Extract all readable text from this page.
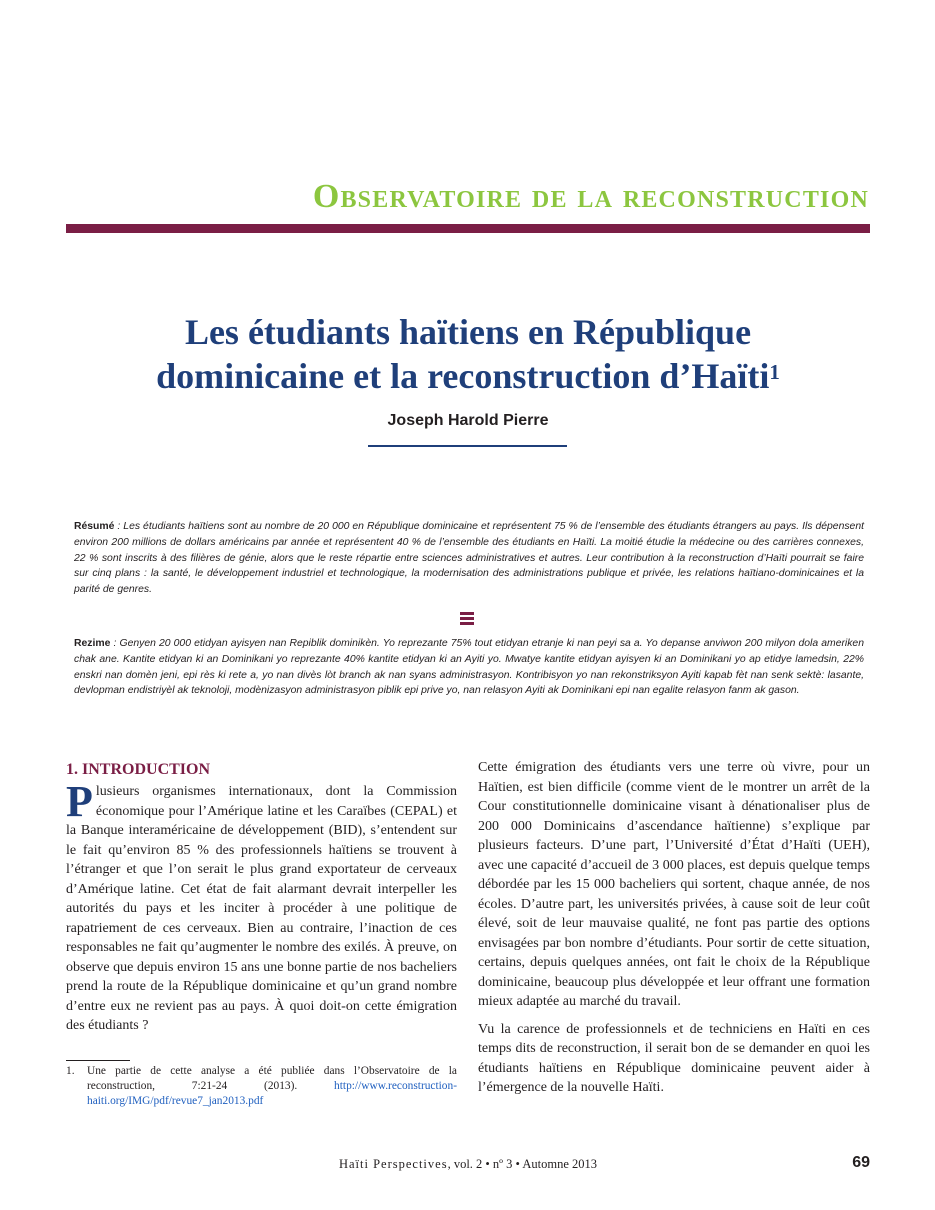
Observatoire de la reconstruction
Les étudiants haïtiens en République
dominicaine et la reconstruction d’Haïti$^1$
Joseph Harold Pierre

Résumé : Les étudiants haïtiens sont au nombre de 20 000 en République dominicaine et représentent 75 % de l’ensemble des étudiants étrangers au pays. Ils dépensent environ 200 millions de dollars américains par année et représentent 40 % de l’ensemble des étudiants en Haïti. La moitié étudie la médecine ou des carrières connexes, 22 % sont inscrits à des filières de génie, alors que le reste répartie entre sciences administratives et autres. Leur contribution à la reconstruction d’Haïti pourrait se faire sur cinq plans : la santé, le développement industriel et technologique, la modernisation des administrations publique et privée, les relations haïtiano-dominicaines et la parité de genres.

Rezime : Genyen 20 000 etidyan ayisyen nan Repiblik dominikèn. Yo reprezante 75% tout etidyan etranje ki nan peyi sa a. Yo depanse anviwon 200 milyon dola ameriken chak ane. Kantite etidyan ki an Dominikani yo reprezante 40% kantite etidyan ki an Ayiti yo. Mwatye kantite etidyan ayisyen ki an Dominikani yo ap etidye lamedsin, 22% enskri nan domèn jeni, epi rès ki rete a, yo nan divès lòt branch ak nan syans administrasyon. Kontribisyon yo nan rekonstriksyon Ayiti kapab fèt nan senk sektè: lasante, devlopman endistriyèl ak teknoloji, modènizasyon administrasyon piblik epi prive yo, nan relasyon Ayiti ak Dominikani epi nan egalite relasyon fanm ak gason.

1. INTRODUCTION

Plusieurs organismes internationaux, dont la Commission économique pour l’Amérique latine et les Caraïbes (CEPAL) et la Banque interaméricaine de développement (BID), s’entendent sur le fait qu’environ 85 % des professionnels haïtiens se trouvent à l’étranger et que l’on serait le plus grand exportateur de cerveaux d’Amérique latine. Cet état de fait alarmant devrait interpeller les autorités du pays et les inciter à procéder à une politique de rapatriement de ces cerveaux. Bien au contraire, l’inaction de ces responsables ne fait qu’augmenter le nombre des exilés. À preuve, on observe que depuis environ 15 ans une bonne partie de nos bacheliers prend la route de la République dominicaine et qu’un grand nombre d’entre eux ne revient pas au pays. À quoi doit-on cette émigration des étudiants ?

Cette émigration des étudiants vers une terre où vivre, pour un Haïtien, est bien difficile (comme vient de le montrer un arrêt de la Cour constitutionnelle dominicaine visant à dénationaliser plus de 200 000 Dominicains d’ascendance haïtienne) s’explique par plusieurs facteurs. D’une part, l’Université d’État d’Haïti (UEH), avec une capacité d’accueil de 3 000 places, est depuis quelque temps débordée par les 15 000 bacheliers qui sortent, chaque année, de nos écoles. D’autre part, les universités privées, à cause soit de leur coût élevé, soit de leur mauvaise qualité, ne font pas partie des options envisagées par bon nombre d’étudiants. Pour sortir de cette situation, certains, depuis quelques années, ont fait le choix de la République dominicaine, beaucoup plus développée et leur offrant une formation mieux adaptée au marché du travail.

Vu la carence de professionnels et de techniciens en Haïti en ces temps dits de reconstruction, il serait bon de se demander en quoi les étudiants haïtiens en République dominicaine peuvent aider à l’émergence de la nouvelle Haïti.

1. Une partie de cette analyse a été publiée dans l’Observatoire de la reconstruction, 7:21-24 (2013). http://www.reconstruction-haiti.org/IMG/pdf/revue7_jan2013.pdf
Haïti Perspectives, vol. 2 • nº 3 • Automne 2013	69
